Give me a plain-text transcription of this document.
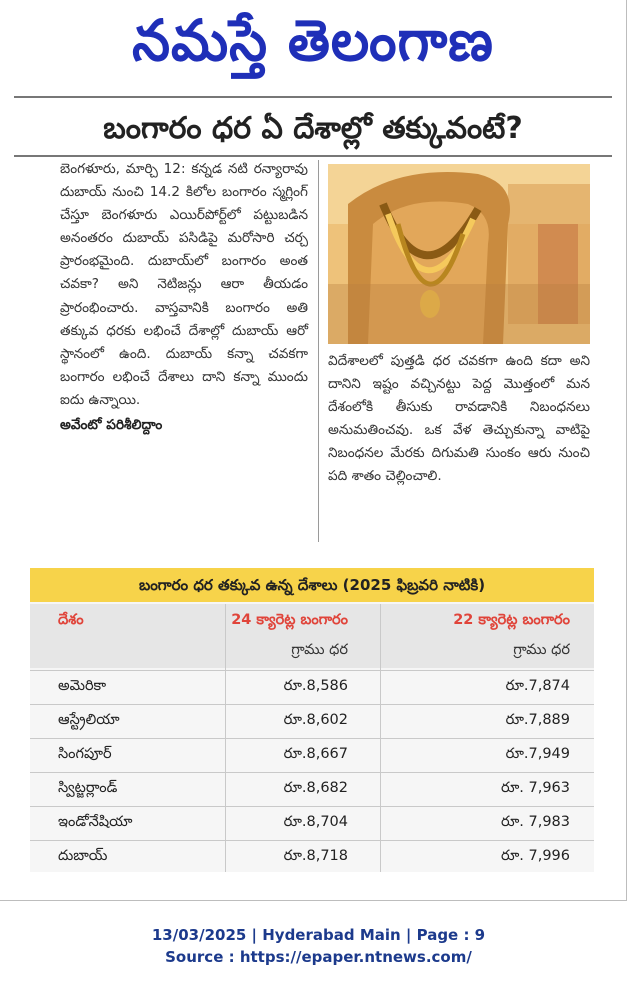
నమస్తే తెలంగాణ
బంగారం ధర ఏ దేశాల్లో తక్కువంటే?
బెంగళూరు, మార్చి 12: కన్నడ నటి రన్యారావు దుబాయ్‌ నుంచి 14.2 కిలోల బంగారం స్మగ్లింగ్‌ చేస్తూ బెంగళూరు ఎయిర్‌పోర్ట్‌లో పట్టుబడిన అనంతరం దుబాయ్‌ పసిడిపై మరోసారి చర్చ ప్రారంభమైంది. దుబాయ్‌లో బంగారం అంత చవకా? అని నెటిజన్లు ఆరా తీయడం ప్రారంభించారు. వాస్తవానికి బంగారం అతి తక్కువ ధరకు లభించే దేశాల్లో దుబాయ్‌ ఆరో స్థానంలో ఉంది. దుబాయ్‌ కన్నా చవకగా బంగారం లభించే దేశాలు దాని కన్నా ముందు ఐదు ఉన్నాయి.
అవేంటో పరిశీలిద్దాం
విదేశాలలో పుత్తడి ధర చవకగా ఉంది కదా అని దానిని ఇష్టం వచ్చినట్టు పెద్ద మొత్తంలో మన దేశంలోకి తీసుకు రావడానికి నిబంధనలు అనుమతించవు. ఒక వేళ తెచ్చుకున్నా వాటిపై నిబంధనల మేరకు దిగుమతి సుంకం ఆరు నుంచి పది శాతం చెల్లించాలి.
బంగారం ధర తక్కువ ఉన్న దేశాలు (2025 ఫిబ్రవరి నాటికి)
దేశం	24 క్యారెట్ల బంగారం	22 క్యారెట్ల బంగారం
గ్రాము ధర	గ్రాము ధర
అమెరికా	రూ.8,586	రూ.7,874
ఆస్ట్రేలియా	రూ.8,602	రూ.7,889
సింగపూర్	రూ.8,667	రూ.7,949
స్విట్జర్లాండ్	రూ.8,682	రూ. 7,963
ఇండోనేషియా	రూ.8,704	రూ. 7,983
దుబాయ్	రూ.8,718	రూ. 7,996
13/03/2025 | Hyderabad Main | Page : 9
Source : https://epaper.ntnews.com/
